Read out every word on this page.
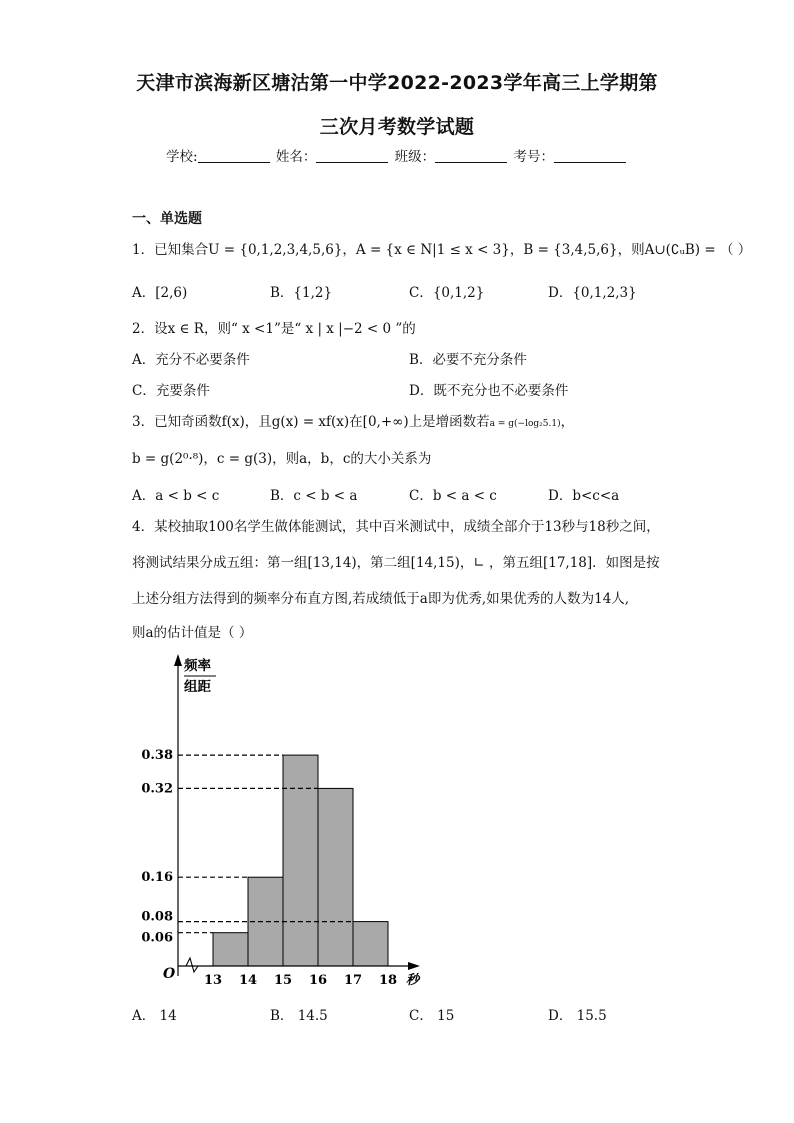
天津市滨海新区塘沽第一中学2022-2023学年高三上学期第
三次月考数学试题
学校:	姓名：	班级：	考号：
一、单选题
1．已知集合U = {0,1,2,3,4,5,6}，A = {x ∈ N|1 ≤ x < 3}，B = {3,4,5,6}，则A∪(∁ᵤB) = （ ）
A．[2,6)	B．{1,2}	C．{0,1,2}	D．{0,1,2,3}
2．设x ∈ R，则“ x <1”是“ x | x |−2 < 0 ”的
A．充分不必要条件	B．必要不充分条件
C．充要条件	D．既不充分也不必要条件
3．已知奇函数f(x)，且g(x) = xf(x)在[0,+∞)上是增函数若a = g(−log₂5.1)，
b = g(2⁰·⁸)，c = g(3)，则a，b，c的大小关系为
A．a < b < c	B．c < b < a	C．b < a < c	D．b<c<a
4．某校抽取100名学生做体能测试，其中百米测试中，成绩全部介于13秒与18秒之间，
将测试结果分成五组：第一组[13,14)，第二组[14,15)，∟ ，第五组[17,18]．如图是按
上述分组方法得到的频率分布直方图,若成绩低于a即为优秀,如果优秀的人数为14人,
则a的估计值是（ ）
0.38
0.32
0.16
0.08
0.06
13 14 15 16 17 18
O
频率
组距
秒
A． 14	B． 14.5	C． 15	D． 15.5
